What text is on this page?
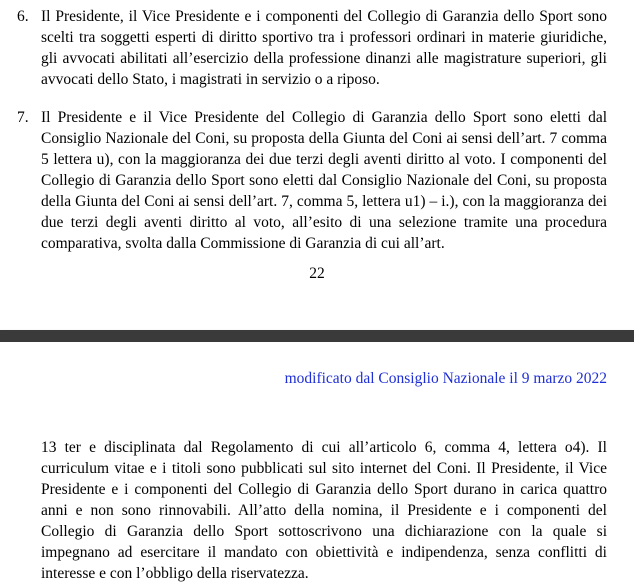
6. Il Presidente, il Vice Presidente e i componenti del Collegio di Garanzia dello Sport sono scelti tra soggetti esperti di diritto sportivo tra i professori ordinari in materie giuridiche, gli avvocati abilitati all’esercizio della professione dinanzi alle magistrature superiori, gli avvocati dello Stato, i magistrati in servizio o a riposo.

7. Il Presidente e il Vice Presidente del Collegio di Garanzia dello Sport sono eletti dal Consiglio Nazionale del Coni, su proposta della Giunta del Coni ai sensi dell’art. 7 comma 5 lettera u), con la maggioranza dei due terzi degli aventi diritto al voto. I componenti del Collegio di Garanzia dello Sport sono eletti dal Consiglio Nazionale del Coni, su proposta della Giunta del Coni ai sensi dell’art. 7, comma 5, lettera u1) – i.), con la maggioranza dei due terzi degli aventi diritto al voto, all’esito di una selezione tramite una procedura comparativa, svolta dalla Commissione di Garanzia di cui all’art.

22
modificato dal Consiglio Nazionale il 9 marzo 2022

13 ter e disciplinata dal Regolamento di cui all’articolo 6, comma 4, lettera o4). Il curriculum vitae e i titoli sono pubblicati sul sito internet del Coni. Il Presidente, il Vice Presidente e i componenti del Collegio di Garanzia dello Sport durano in carica quattro anni e non sono rinnovabili. All’atto della nomina, il Presidente e i componenti del Collegio di Garanzia dello Sport sottoscrivono una dichiarazione con la quale si impegnano ad esercitare il mandato con obiettività e indipendenza, senza conflitti di interesse e con l’obbligo della riservatezza.
